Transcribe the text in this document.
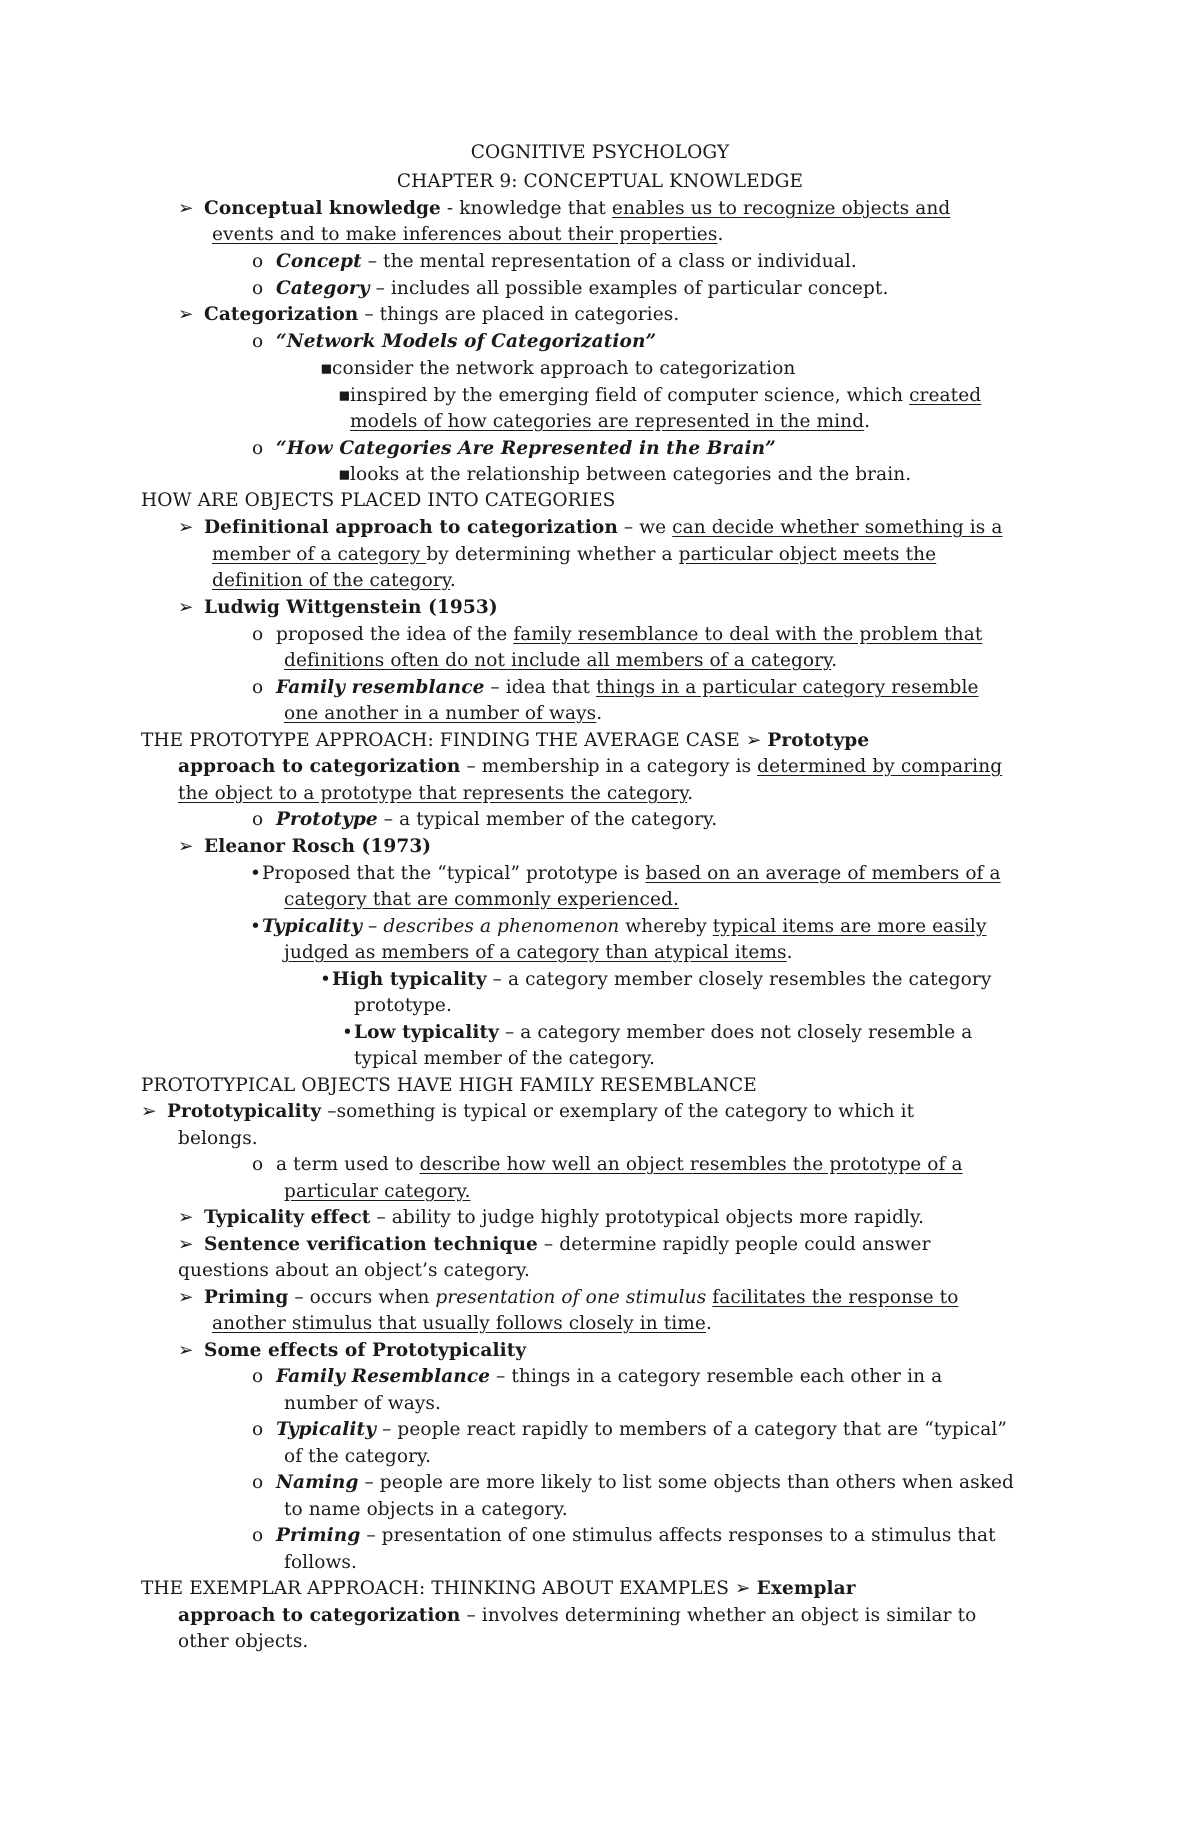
COGNITIVE PSYCHOLOGY
CHAPTER 9: CONCEPTUAL KNOWLEDGE
➢ Conceptual knowledge - knowledge that enables us to recognize objects and
events and to make inferences about their properties.
o Concept – the mental representation of a class or individual.
o Category – includes all possible examples of particular concept.
➢ Categorization – things are placed in categories.
o “Network Models of Categorization”
▪consider the network approach to categorization
▪inspired by the emerging field of computer science, which created
models of how categories are represented in the mind.
o “How Categories Are Represented in the Brain”
▪looks at the relationship between categories and the brain.
HOW ARE OBJECTS PLACED INTO CATEGORIES
➢ Definitional approach to categorization – we can decide whether something is a
member of a category by determining whether a particular object meets the
definition of the category.
➢ Ludwig Wittgenstein (1953)
o proposed the idea of the family resemblance to deal with the problem that
definitions often do not include all members of a category.
o Family resemblance – idea that things in a particular category resemble
one another in a number of ways.
THE PROTOTYPE APPROACH: FINDING THE AVERAGE CASE ➢ Prototype
approach to categorization – membership in a category is determined by comparing
the object to a prototype that represents the category.
o Prototype – a typical member of the category.
➢ Eleanor Rosch (1973)
•Proposed that the “typical” prototype is based on an average of members of a
category that are commonly experienced.
•Typicality – describes a phenomenon whereby typical items are more easily
judged as members of a category than atypical items.
•High typicality – a category member closely resembles the category
prototype.
•Low typicality – a category member does not closely resemble a
typical member of the category.
PROTOTYPICAL OBJECTS HAVE HIGH FAMILY RESEMBLANCE
➢ Prototypicality –something is typical or exemplary of the category to which it
belongs.
o a term used to describe how well an object resembles the prototype of a
particular category.
➢ Typicality effect – ability to judge highly prototypical objects more rapidly.
➢ Sentence verification technique – determine rapidly people could answer
questions about an object’s category.
➢ Priming – occurs when presentation of one stimulus facilitates the response to
another stimulus that usually follows closely in time.
➢ Some effects of Prototypicality
o Family Resemblance – things in a category resemble each other in a
number of ways.
o Typicality – people react rapidly to members of a category that are “typical”
of the category.
o Naming – people are more likely to list some objects than others when asked
to name objects in a category.
o Priming – presentation of one stimulus affects responses to a stimulus that
follows.
THE EXEMPLAR APPROACH: THINKING ABOUT EXAMPLES ➢ Exemplar
approach to categorization – involves determining whether an object is similar to
other objects.
